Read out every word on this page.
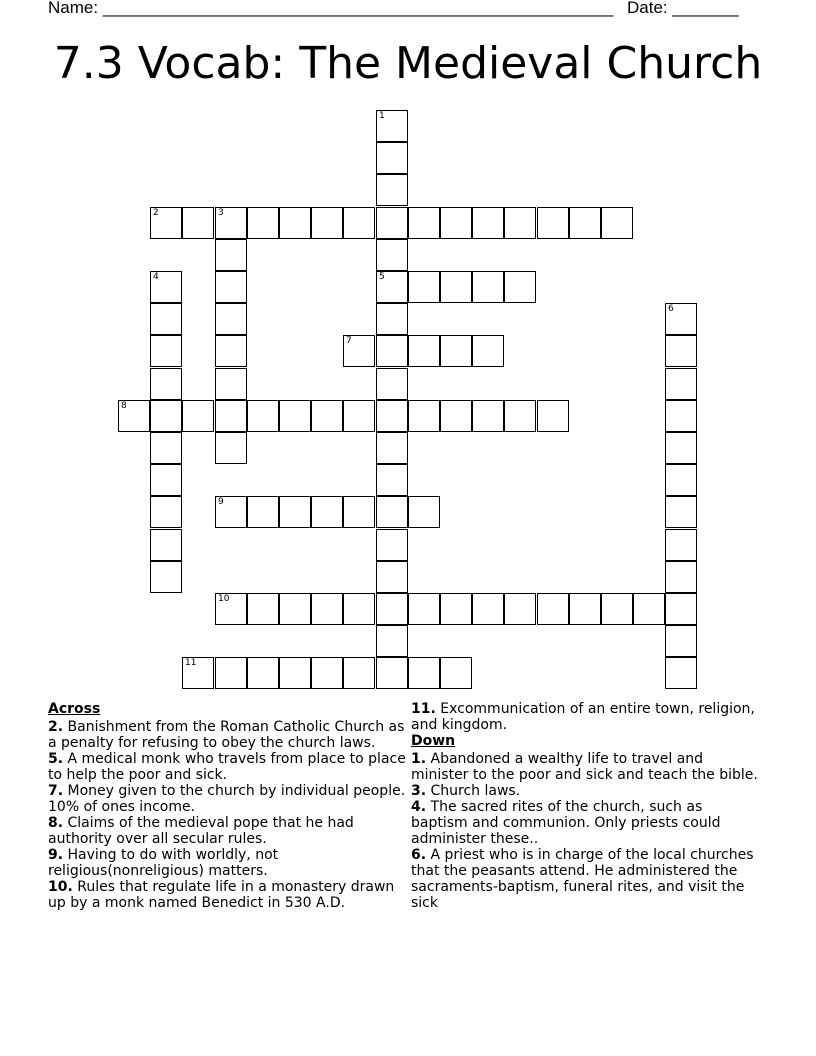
Name: ______________________________________________________ Date: _______
7.3 Vocab: The Medieval Church
1
5
2	3
4
6
7
8
9
10
11
Across
2. Banishment from the Roman Catholic Church as a penalty for refusing to obey the church laws.
5. A medical monk who travels from place to place to help the poor and sick.
7. Money given to the church by individual people. 10% of ones income.
8. Claims of the medieval pope that he had authority over all secular rules.
9. Having to do with worldly, not religious(nonreligious) matters.
10. Rules that regulate life in a monastery drawn up by a monk named Benedict in 530 A.D.
11. Excommunication of an entire town, religion, and kingdom.
Down
1. Abandoned a wealthy life to travel and minister to the poor and sick and teach the bible.
3. Church laws.
4. The sacred rites of the church, such as baptism and communion. Only priests could administer these..
6. A priest who is in charge of the local churches that the peasants attend. He administered the sacraments-baptism, funeral rites, and visit the sick
